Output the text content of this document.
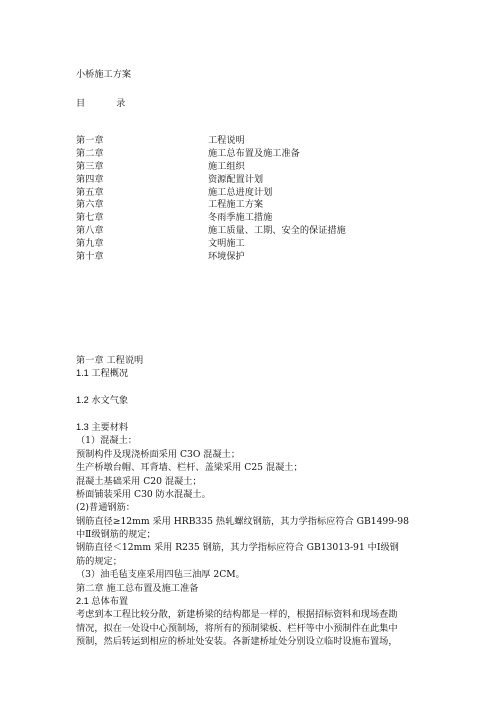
小桥施工方案
目 录
第一章	工程说明
第二章	施工总布置及施工准备
第三章	施工组织
第四章	资源配置计划
第五章	施工总进度计划
第六章	工程施工方案
第七章	冬雨季施工措施
第八章	施工质量、工期、安全的保证措施
第九章	文明施工
第十章	环境保护
第一章 工程说明
1.1 工程概况
1.2 水文气象
1.3 主要材料
（1）混凝土：
预制构件及现浇桥面采用 C3O 混凝土；
生产桥墩台帽、耳背墙、栏杆、盖梁采用 C25 混凝土；
混凝土基础采用 C20 混凝土；
桥面铺装采用 C30 防水混凝土。
(2)普通钢筋：
钢筋直径≥12mm 采用 HRB335 热轧螺纹钢筋，其力学指标应符合 GB1499-98
中Ⅱ级钢筋的规定；
钢筋直径＜12mm 采用 R235 钢筋，其力学指标应符合 GB13013-91 中Ⅰ级钢
筋的规定；
（3）油毛毡支座采用四毡三油厚 2CM。
第二章 施工总布置及施工准备
2.1 总体布置
考虑到本工程比较分散，新建桥梁的结构都是一样的，根据招标资料和现场查勘
情况，拟在一处设中心预制场，将所有的预制梁板、栏杆等中小预制件在此集中
预制，然后转运到相应的桥址处安装。各新建桥址处分别设立临时设施布置场，
